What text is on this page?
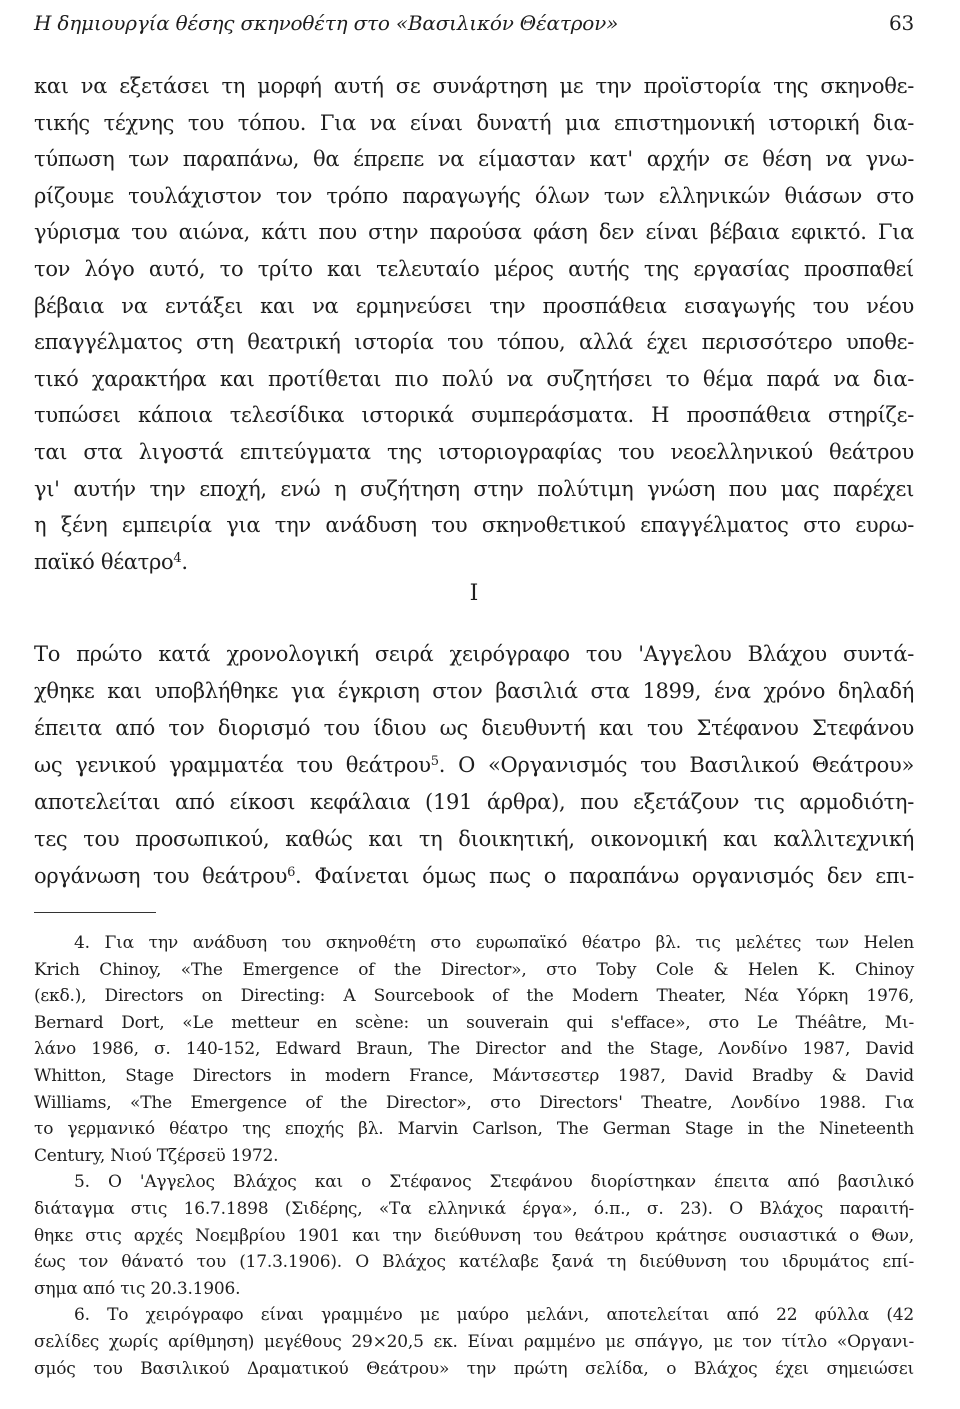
Η δημιουργία θέσης σκηνοθέτη στο «Βασιλικόν Θέατρον»	63
και να εξετάσει τη μορφή αυτή σε συνάρτηση με την προϊστορία της σκηνοθε-
τικής τέχνης του τόπου. Για να είναι δυνατή μια επιστημονική ιστορική δια-
τύπωση των παραπάνω, θα έπρεπε να είμασταν κατ' αρχήν σε θέση να γνω-
ρίζουμε τουλάχιστον τον τρόπο παραγωγής όλων των ελληνικών θιάσων στο
γύρισμα του αιώνα, κάτι που στην παρούσα φάση δεν είναι βέβαια εφικτό. Για
τον λόγο αυτό, το τρίτο και τελευταίο μέρος αυτής της εργασίας προσπαθεί
βέβαια να εντάξει και να ερμηνεύσει την προσπάθεια εισαγωγής του νέου
επαγγέλματος στη θεατρική ιστορία του τόπου, αλλά έχει περισσότερο υποθε-
τικό χαρακτήρα και προτίθεται πιο πολύ να συζητήσει το θέμα παρά να δια-
τυπώσει κάποια τελεσίδικα ιστορικά συμπεράσματα. Η προσπάθεια στηρίζε-
ται στα λιγοστά επιτεύγματα της ιστοριογραφίας του νεοελληνικού θεάτρου
γι' αυτήν την εποχή, ενώ η συζήτηση στην πολύτιμη γνώση που μας παρέχει
η ξένη εμπειρία για την ανάδυση του σκηνοθετικού επαγγέλματος στο ευρω-
παϊκό θέατρο$^4$.
I
Το πρώτο κατά χρονολογική σειρά χειρόγραφο του 'Αγγελου Βλάχου συντά-
χθηκε και υποβλήθηκε για έγκριση στον βασιλιά στα 1899, ένα χρόνο δηλαδή
έπειτα από τον διορισμό του ίδιου ως διευθυντή και του Στέφανου Στεφάνου
ως γενικού γραμματέα του θεάτρου$^5$. Ο «Οργανισμός του Βασιλικού Θεάτρου»
αποτελείται από είκοσι κεφάλαια (191 άρθρα), που εξετάζουν τις αρμοδιότη-
τες του προσωπικού, καθώς και τη διοικητική, οικονομική και καλλιτεχνική
οργάνωση του θεάτρου$^6$. Φαίνεται όμως πως ο παραπάνω οργανισμός δεν επι-
4. Για την ανάδυση του σκηνοθέτη στο ευρωπαϊκό θέατρο βλ. τις μελέτες των Helen
Krich Chinoy, «The Emergence of the Director», στο Toby Cole & Helen K. Chinoy
(εκδ.), Directors on Directing: A Sourcebook of the Modern Theater, Νέα Υόρκη 1976,
Bernard Dort, «Le metteur en scène: un souverain qui s'efface», στο Le Théâtre, Μι-
λάνο 1986, σ. 140-152, Edward Braun, The Director and the Stage, Λονδίνο 1987, David
Whitton, Stage Directors in modern France, Μάντσεστερ 1987, David Bradby & David
Williams, «The Emergence of the Director», στο Directors' Theatre, Λονδίνο 1988. Για
το γερμανικό θέατρο της εποχής βλ. Marvin Carlson, The German Stage in the Nineteenth
Century, Νιού Τζέρσεϋ 1972.
5. Ο 'Αγγελος Βλάχος και ο Στέφανος Στεφάνου διορίστηκαν έπειτα από βασιλικό
διάταγμα στις 16.7.1898 (Σιδέρης, «Τα ελληνικά έργα», ό.π., σ. 23). Ο Βλάχος παραιτή-
θηκε στις αρχές Νοεμβρίου 1901 και την διεύθυνση του θεάτρου κράτησε ουσιαστικά ο Θων,
έως τον θάνατό του (17.3.1906). Ο Βλάχος κατέλαβε ξανά τη διεύθυνση του ιδρυμάτος επί-
σημα από τις 20.3.1906.
6. Το χειρόγραφο είναι γραμμένο με μαύρο μελάνι, αποτελείται από 22 φύλλα (42
σελίδες χωρίς αρίθμηση) μεγέθους 29×20,5 εκ. Είναι ραμμένο με σπάγγο, με τον τίτλο «Οργανι-
σμός του Βασιλικού Δραματικού Θεάτρου» την πρώτη σελίδα, ο Βλάχος έχει σημειώσει
